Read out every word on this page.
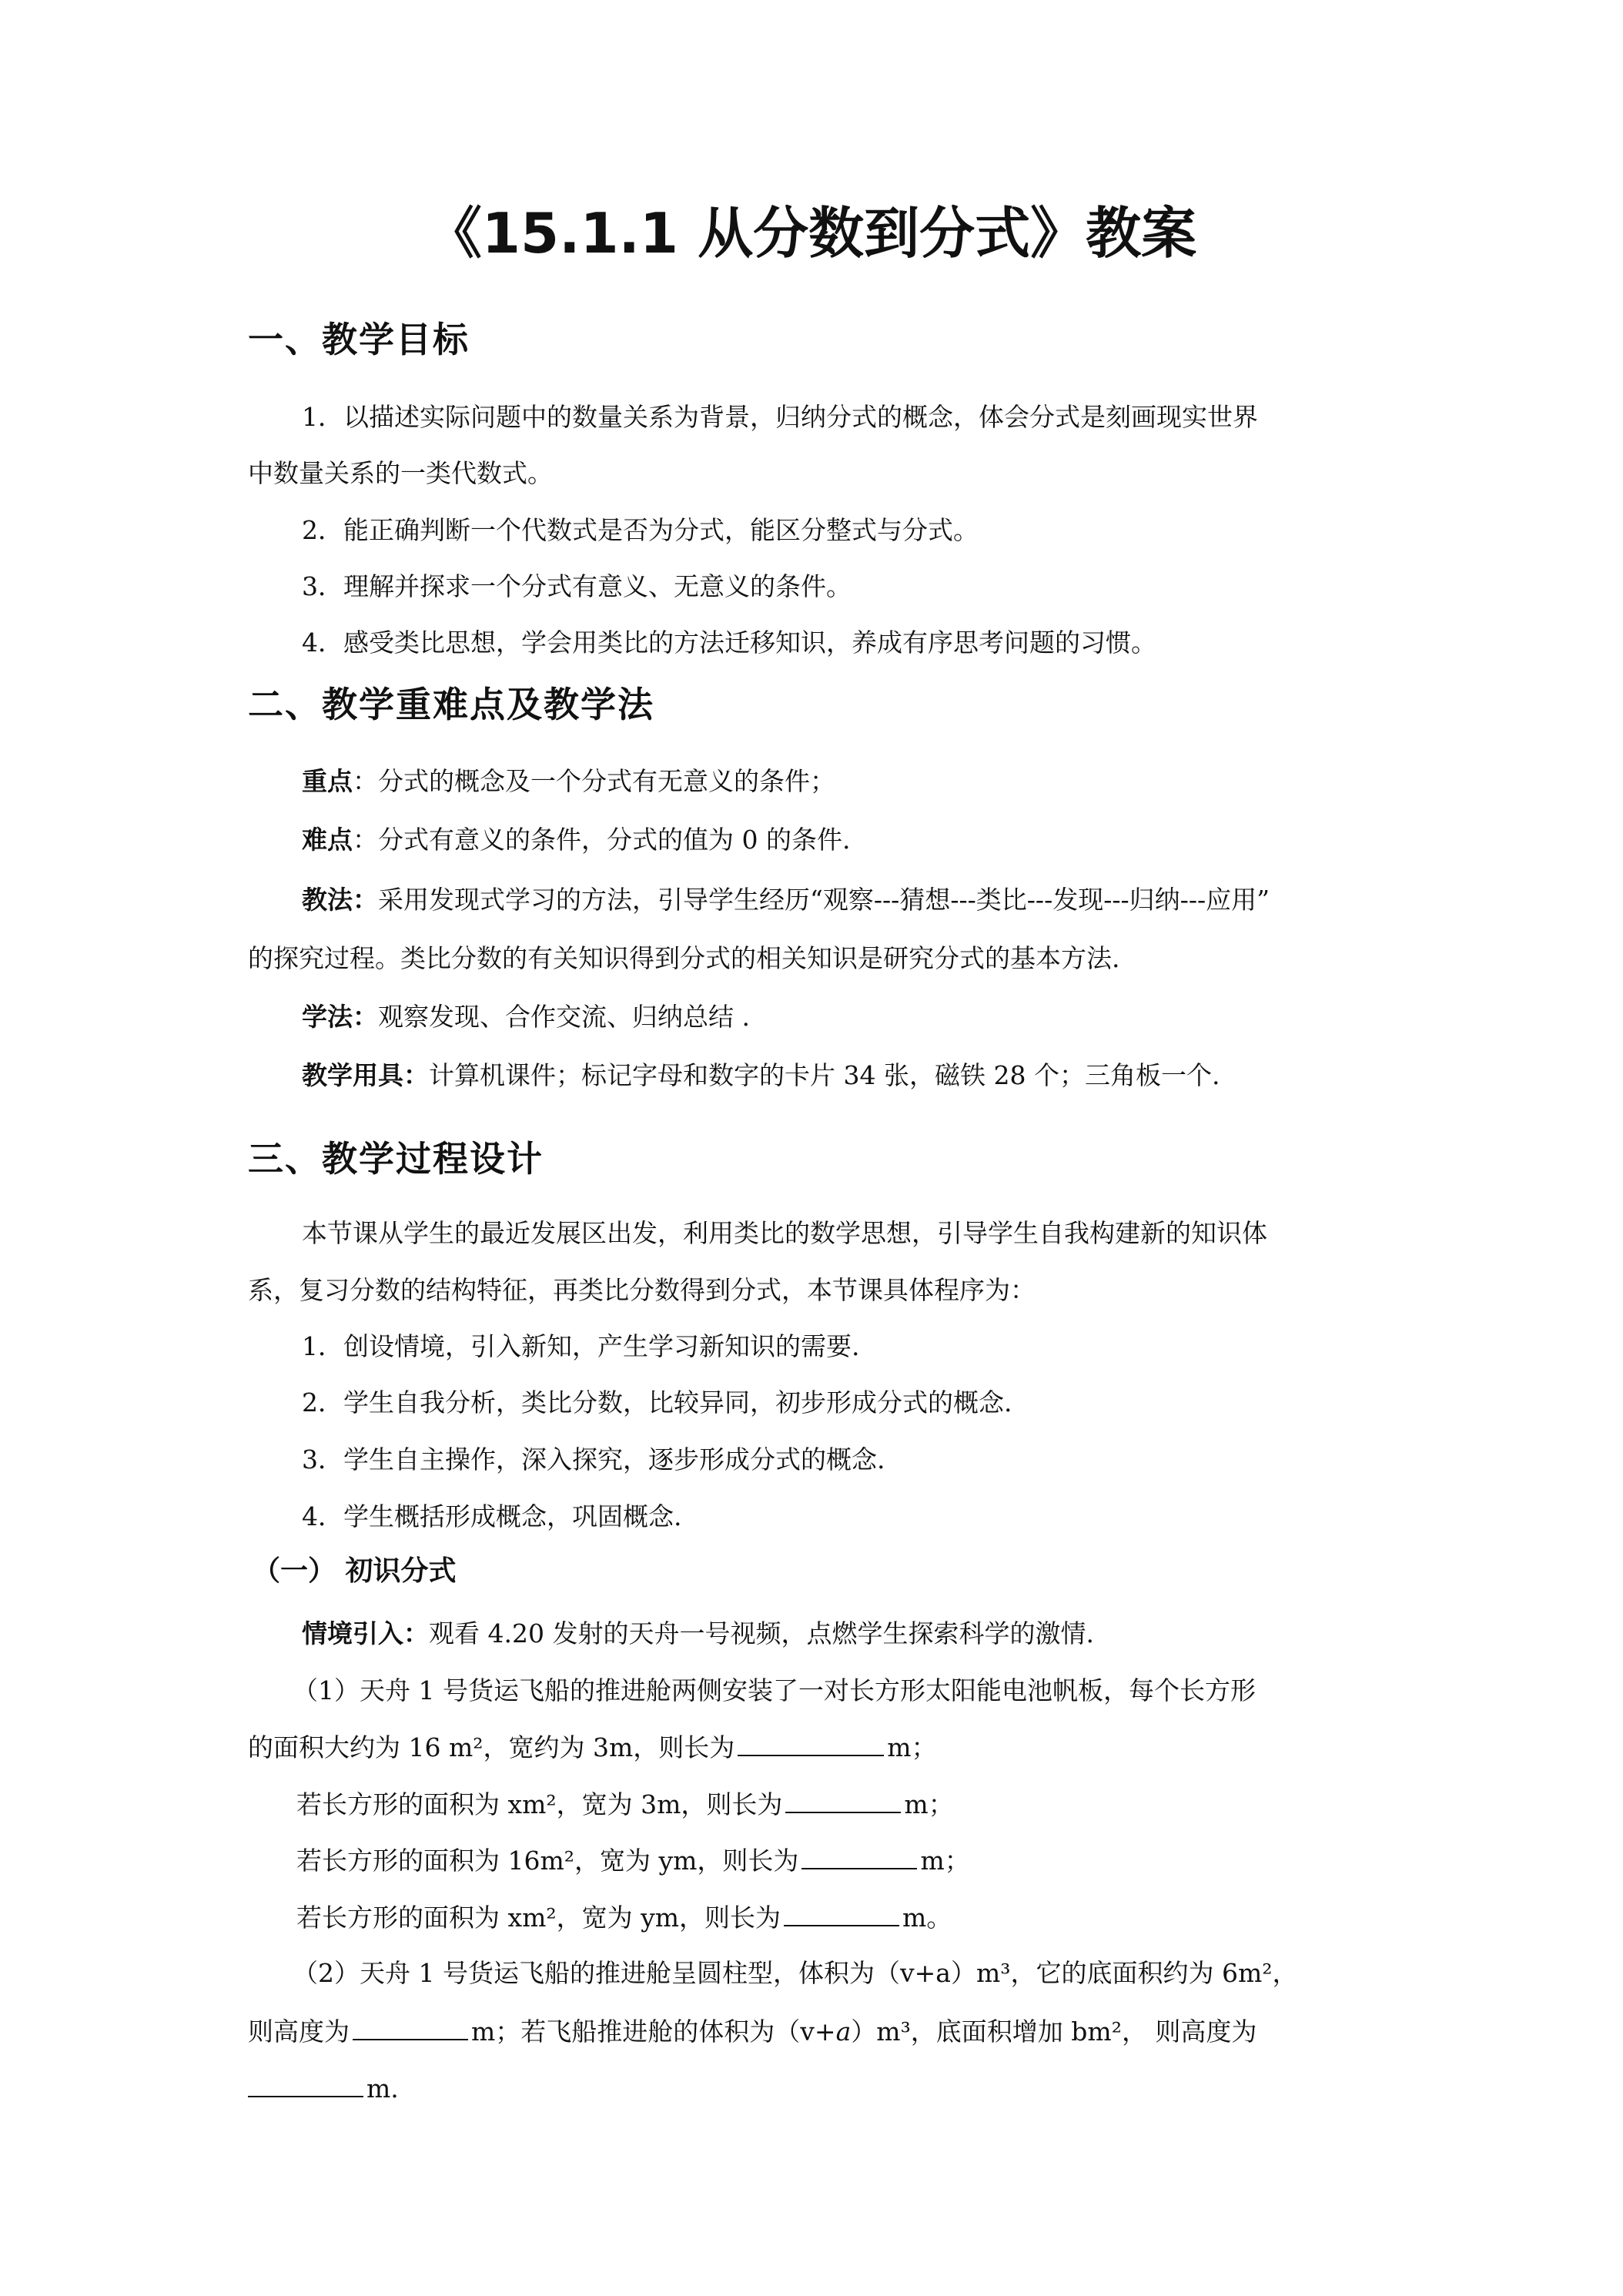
《15.1.1 从分数到分式》教案
一、教学目标

1．以描述实际问题中的数量关系为背景，归纳分式的概念，体会分式是刻画现实世界

中数量关系的一类代数式。

2．能正确判断一个代数式是否为分式，能区分整式与分式。

3．理解并探求一个分式有意义、无意义的条件。

4．感受类比思想，学会用类比的方法迁移知识，养成有序思考问题的习惯。

二、教学重难点及教学法

重点：分式的概念及一个分式有无意义的条件；

难点：分式有意义的条件，分式的值为 0 的条件.

教法：采用发现式学习的方法，引导学生经历“观察---猜想---类比---发现---归纳---应用”

的探究过程。类比分数的有关知识得到分式的相关知识是研究分式的基本方法.

学法：观察发现、合作交流、归纳总结 .

教学用具：计算机课件；标记字母和数字的卡片 34 张，磁铁 28 个；三角板一个.

三、教学过程设计

本节课从学生的最近发展区出发，利用类比的数学思想，引导学生自我构建新的知识体

系，复习分数的结构特征，再类比分数得到分式，本节课具体程序为：

1．创设情境，引入新知，产生学习新知识的需要.

2．学生自我分析，类比分数，比较异同，初步形成分式的概念.

3．学生自主操作，深入探究，逐步形成分式的概念.

4．学生概括形成概念，巩固概念.

（一） 初识分式

情境引入：观看 4.20 发射的天舟一号视频，点燃学生探索科学的激情.

（1）天舟 1 号货运飞船的推进舱两侧安装了一对长方形太阳能电池帆板，每个长方形

的面积大约为 16 m²，宽约为 3m，则长为	m；

若长方形的面积为 xm²，宽为 3m，则长为	m；

若长方形的面积为 16m²，宽为 ym，则长为	m；

若长方形的面积为 xm²，宽为 ym，则长为	m。

（2）天舟 1 号货运飞船的推进舱呈圆柱型，体积为（v+a）m³，它的底面积约为 6m²，

则高度为	m；若飞船推进舱的体积为（v+a）m³，底面积增加 bm²， 则高度为

m.
